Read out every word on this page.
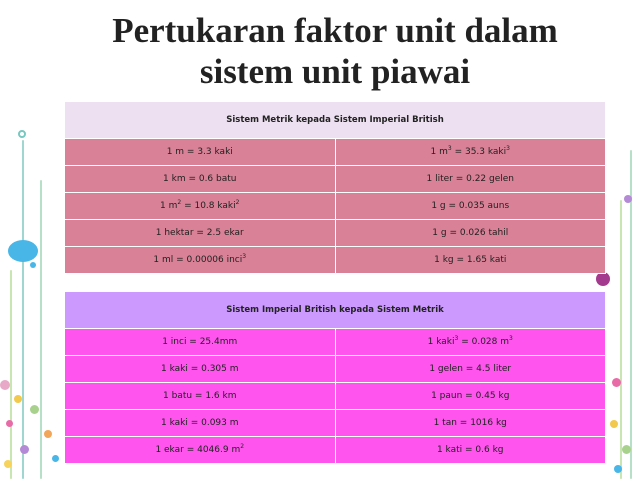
Pertukaran faktor unit dalam
sistem unit piawai
Sistem Metrik kepada Sistem Imperial British	
1 m = 3.3 kaki	1 $m^3 = 35.3$ kaki$^3$
1 km = 0.6 batu	1 liter = 0.22 gelen
1 $m^2 = 10.8$ kaki$^2$	1 g = 0.035 auns
1 hektar = 2.5 ekar	1 g = 0.026 tahil
1 ml = 0.00006 inci$^3$	1 kg = 1.65 kati
Sistem Imperial British kepada Sistem Metrik	
1 inci = 25.4mm	1 kaki$^3$ = 0.028 $m^3$
1 kaki = 0.305 m	1 gelen = 4.5 liter
1 batu = 1.6 km	1 paun = 0.45 kg
1 kaki = 0.093 m	1 tan = 1016 kg
1 ekar = 4046.9 $m^2$	1 kati = 0.6 kg
